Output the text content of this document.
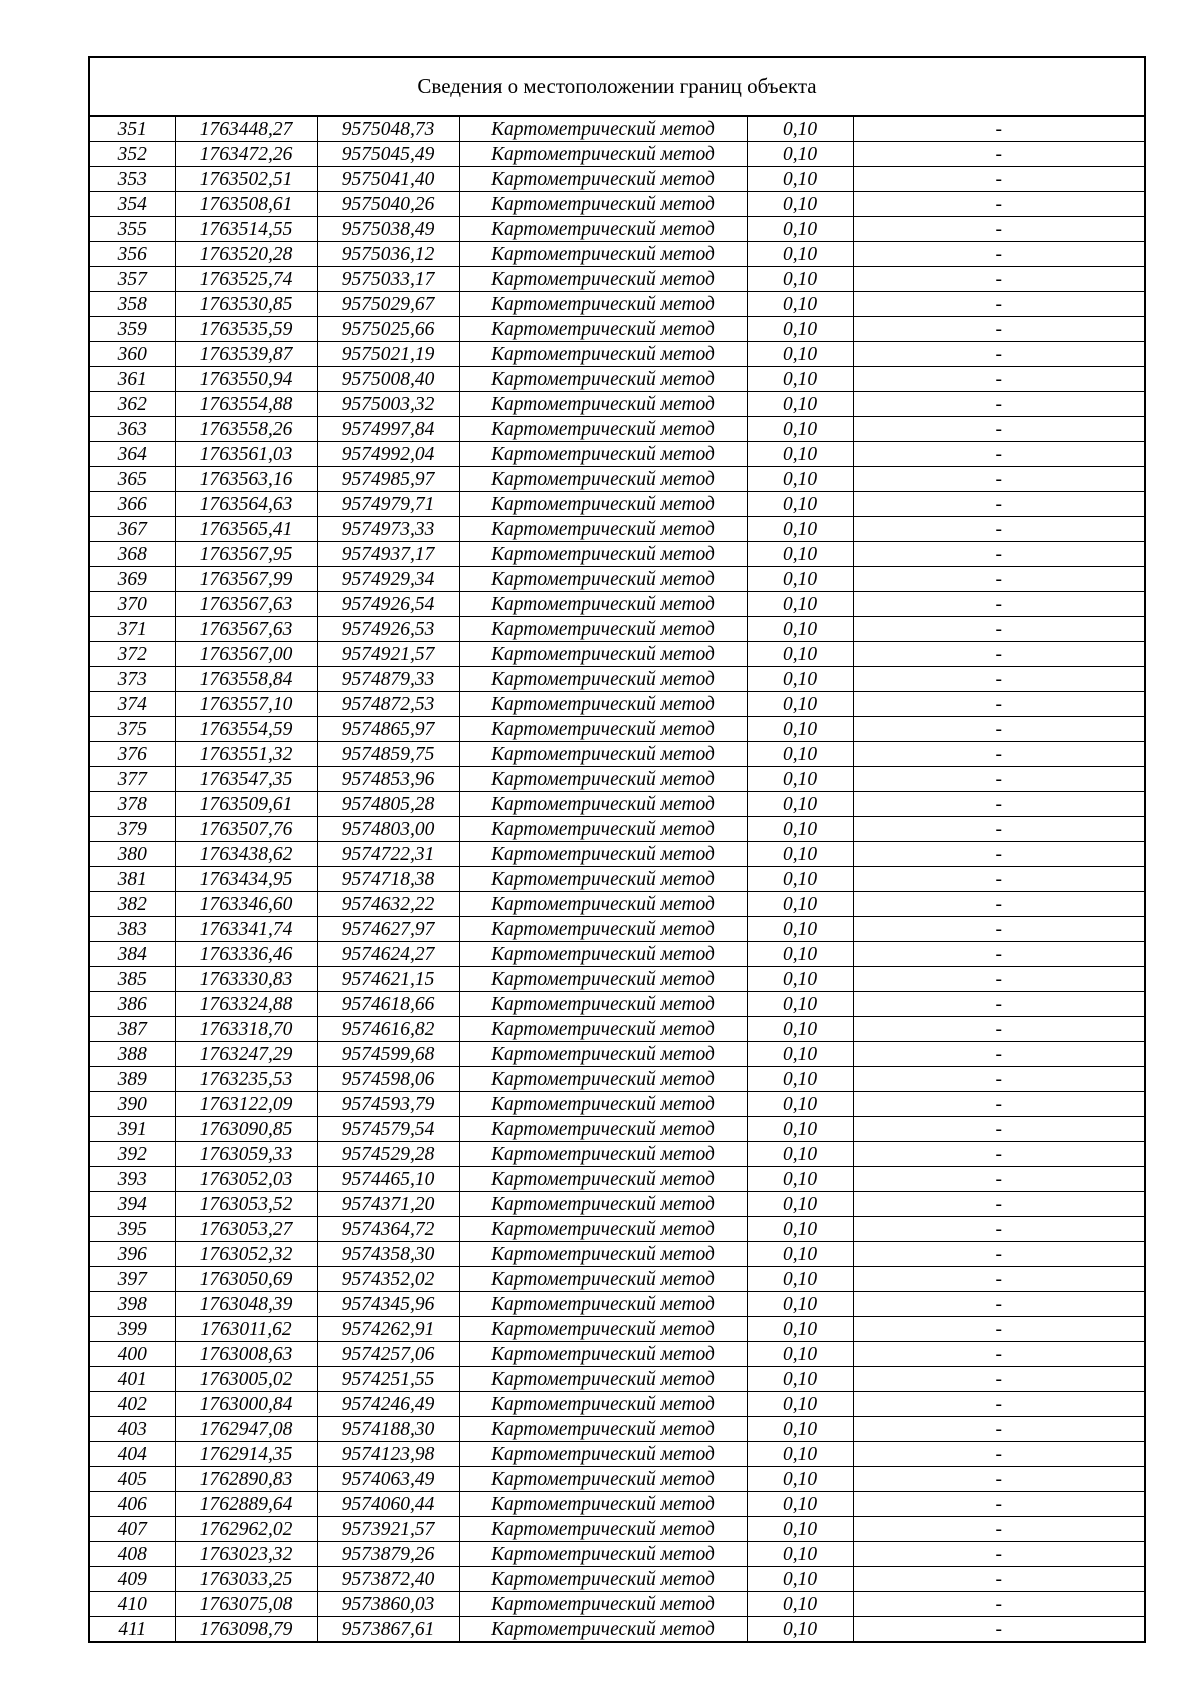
Сведения о местоположении границ объекта
351	1763448,27	9575048,73	Картометрический метод	0,10	-
352	1763472,26	9575045,49	Картометрический метод	0,10	-
353	1763502,51	9575041,40	Картометрический метод	0,10	-
354	1763508,61	9575040,26	Картометрический метод	0,10	-
355	1763514,55	9575038,49	Картометрический метод	0,10	-
356	1763520,28	9575036,12	Картометрический метод	0,10	-
357	1763525,74	9575033,17	Картометрический метод	0,10	-
358	1763530,85	9575029,67	Картометрический метод	0,10	-
359	1763535,59	9575025,66	Картометрический метод	0,10	-
360	1763539,87	9575021,19	Картометрический метод	0,10	-
361	1763550,94	9575008,40	Картометрический метод	0,10	-
362	1763554,88	9575003,32	Картометрический метод	0,10	-
363	1763558,26	9574997,84	Картометрический метод	0,10	-
364	1763561,03	9574992,04	Картометрический метод	0,10	-
365	1763563,16	9574985,97	Картометрический метод	0,10	-
366	1763564,63	9574979,71	Картометрический метод	0,10	-
367	1763565,41	9574973,33	Картометрический метод	0,10	-
368	1763567,95	9574937,17	Картометрический метод	0,10	-
369	1763567,99	9574929,34	Картометрический метод	0,10	-
370	1763567,63	9574926,54	Картометрический метод	0,10	-
371	1763567,63	9574926,53	Картометрический метод	0,10	-
372	1763567,00	9574921,57	Картометрический метод	0,10	-
373	1763558,84	9574879,33	Картометрический метод	0,10	-
374	1763557,10	9574872,53	Картометрический метод	0,10	-
375	1763554,59	9574865,97	Картометрический метод	0,10	-
376	1763551,32	9574859,75	Картометрический метод	0,10	-
377	1763547,35	9574853,96	Картометрический метод	0,10	-
378	1763509,61	9574805,28	Картометрический метод	0,10	-
379	1763507,76	9574803,00	Картометрический метод	0,10	-
380	1763438,62	9574722,31	Картометрический метод	0,10	-
381	1763434,95	9574718,38	Картометрический метод	0,10	-
382	1763346,60	9574632,22	Картометрический метод	0,10	-
383	1763341,74	9574627,97	Картометрический метод	0,10	-
384	1763336,46	9574624,27	Картометрический метод	0,10	-
385	1763330,83	9574621,15	Картометрический метод	0,10	-
386	1763324,88	9574618,66	Картометрический метод	0,10	-
387	1763318,70	9574616,82	Картометрический метод	0,10	-
388	1763247,29	9574599,68	Картометрический метод	0,10	-
389	1763235,53	9574598,06	Картометрический метод	0,10	-
390	1763122,09	9574593,79	Картометрический метод	0,10	-
391	1763090,85	9574579,54	Картометрический метод	0,10	-
392	1763059,33	9574529,28	Картометрический метод	0,10	-
393	1763052,03	9574465,10	Картометрический метод	0,10	-
394	1763053,52	9574371,20	Картометрический метод	0,10	-
395	1763053,27	9574364,72	Картометрический метод	0,10	-
396	1763052,32	9574358,30	Картометрический метод	0,10	-
397	1763050,69	9574352,02	Картометрический метод	0,10	-
398	1763048,39	9574345,96	Картометрический метод	0,10	-
399	1763011,62	9574262,91	Картометрический метод	0,10	-
400	1763008,63	9574257,06	Картометрический метод	0,10	-
401	1763005,02	9574251,55	Картометрический метод	0,10	-
402	1763000,84	9574246,49	Картометрический метод	0,10	-
403	1762947,08	9574188,30	Картометрический метод	0,10	-
404	1762914,35	9574123,98	Картометрический метод	0,10	-
405	1762890,83	9574063,49	Картометрический метод	0,10	-
406	1762889,64	9574060,44	Картометрический метод	0,10	-
407	1762962,02	9573921,57	Картометрический метод	0,10	-
408	1763023,32	9573879,26	Картометрический метод	0,10	-
409	1763033,25	9573872,40	Картометрический метод	0,10	-
410	1763075,08	9573860,03	Картометрический метод	0,10	-
411	1763098,79	9573867,61	Картометрический метод	0,10	-
